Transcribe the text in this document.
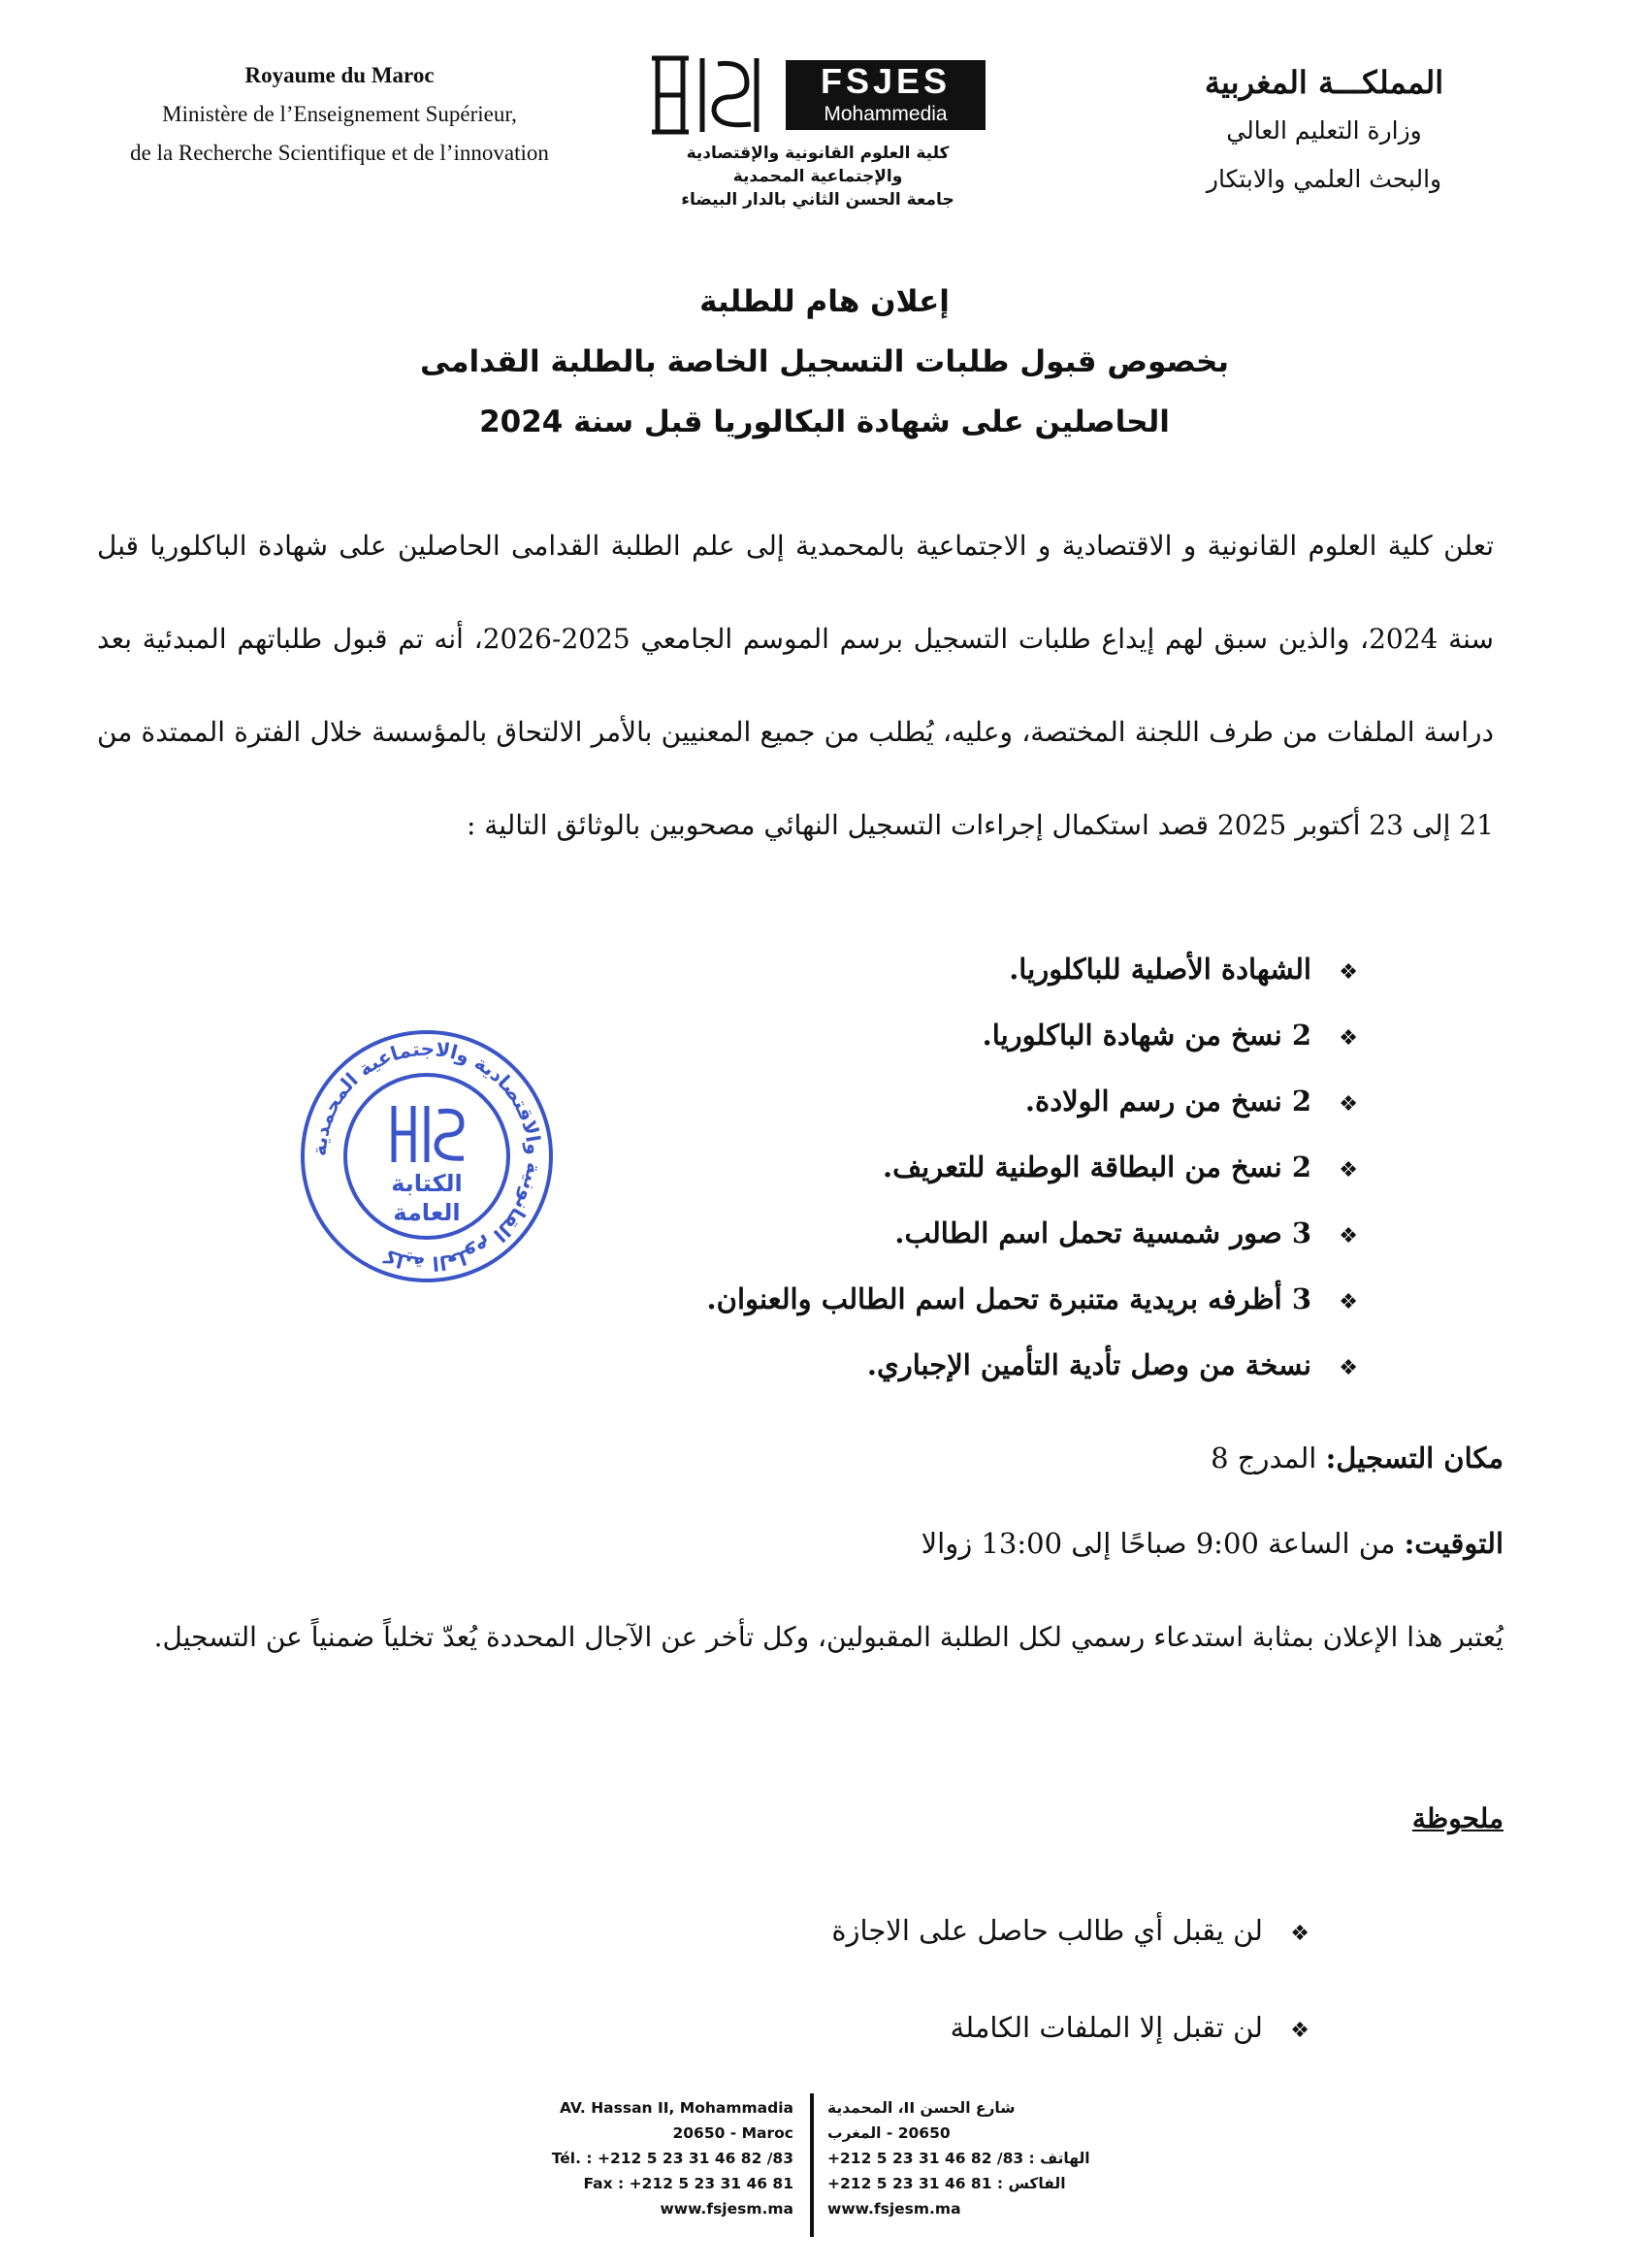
Royaume du Maroc
Ministère de l’Enseignement Supérieur,
de la Recherche Scientifique et de l’innovation
المملكـــة المغربية
وزارة التعليم العالي
والبحث العلمي والابتكار
FSJES
Mohammedia
كلية العلوم القانونية والإقتصادية
والإجتماعية المحمدية
جامعة الحسن الثاني بالدار البيضاء
إعلان هام للطلبة
بخصوص قبول طلبات التسجيل الخاصة بالطلبة القدامى
الحاصلين على شهادة البكالوريا قبل سنة 2024
تعلن كلية العلوم القانونية و الاقتصادية و الاجتماعية بالمحمدية إلى علم الطلبة القدامى الحاصلين على شهادة الباكلوريا قبل سنة 2024، والذين سبق لهم إيداع طلبات التسجيل برسم الموسم الجامعي 2025-2026، أنه تم قبول طلباتهم المبدئية بعد دراسة الملفات من طرف اللجنة المختصة، وعليه، يُطلب من جميع المعنيين بالأمر الالتحاق بالمؤسسة خلال الفترة الممتدة من 21 إلى 23 أكتوبر 2025 قصد استكمال إجراءات التسجيل النهائي مصحوبين بالوثائق التالية :
❖الشهادة الأصلية للباكلوريا.
❖2 نسخ من شهادة الباكلوريا.
❖2 نسخ من رسم الولادة.
❖2 نسخ من البطاقة الوطنية للتعريف.
❖3 صور شمسية تحمل اسم الطالب.
❖3 أظرفه بريدية متنبرة تحمل اسم الطالب والعنوان.
❖نسخة من وصل تأدية التأمين الإجباري.
كلية العلوم القانونية والاقتصادية والاجتماعية المحمدية
الكتابة
العامة
مكان التسجيل: المدرج 8
التوقيت: من الساعة 9:00 صباحًا إلى 13:00 زوالا
يُعتبر هذا الإعلان بمثابة استدعاء رسمي لكل الطلبة المقبولين، وكل تأخر عن الآجال المحددة يُعدّ تخلياً ضمنياً عن التسجيل.
ملحوظة
❖لن يقبل أي طالب حاصل على الاجازة
❖لن تقبل إلا الملفات الكاملة
AV. Hassan II, Mohammadia
20650 - Maroc
Tél. : +212 5 23 31 46 82 /83
Fax : +212 5 23 31 46 81
www.fsjesm.ma
شارع الحسن II، المحمدية
20650 - المغرب
الهاتف : 83/ 82 46 31 23 5 212+
الفاكس : 81 46 31 23 5 212+
www.fsjesm.ma
